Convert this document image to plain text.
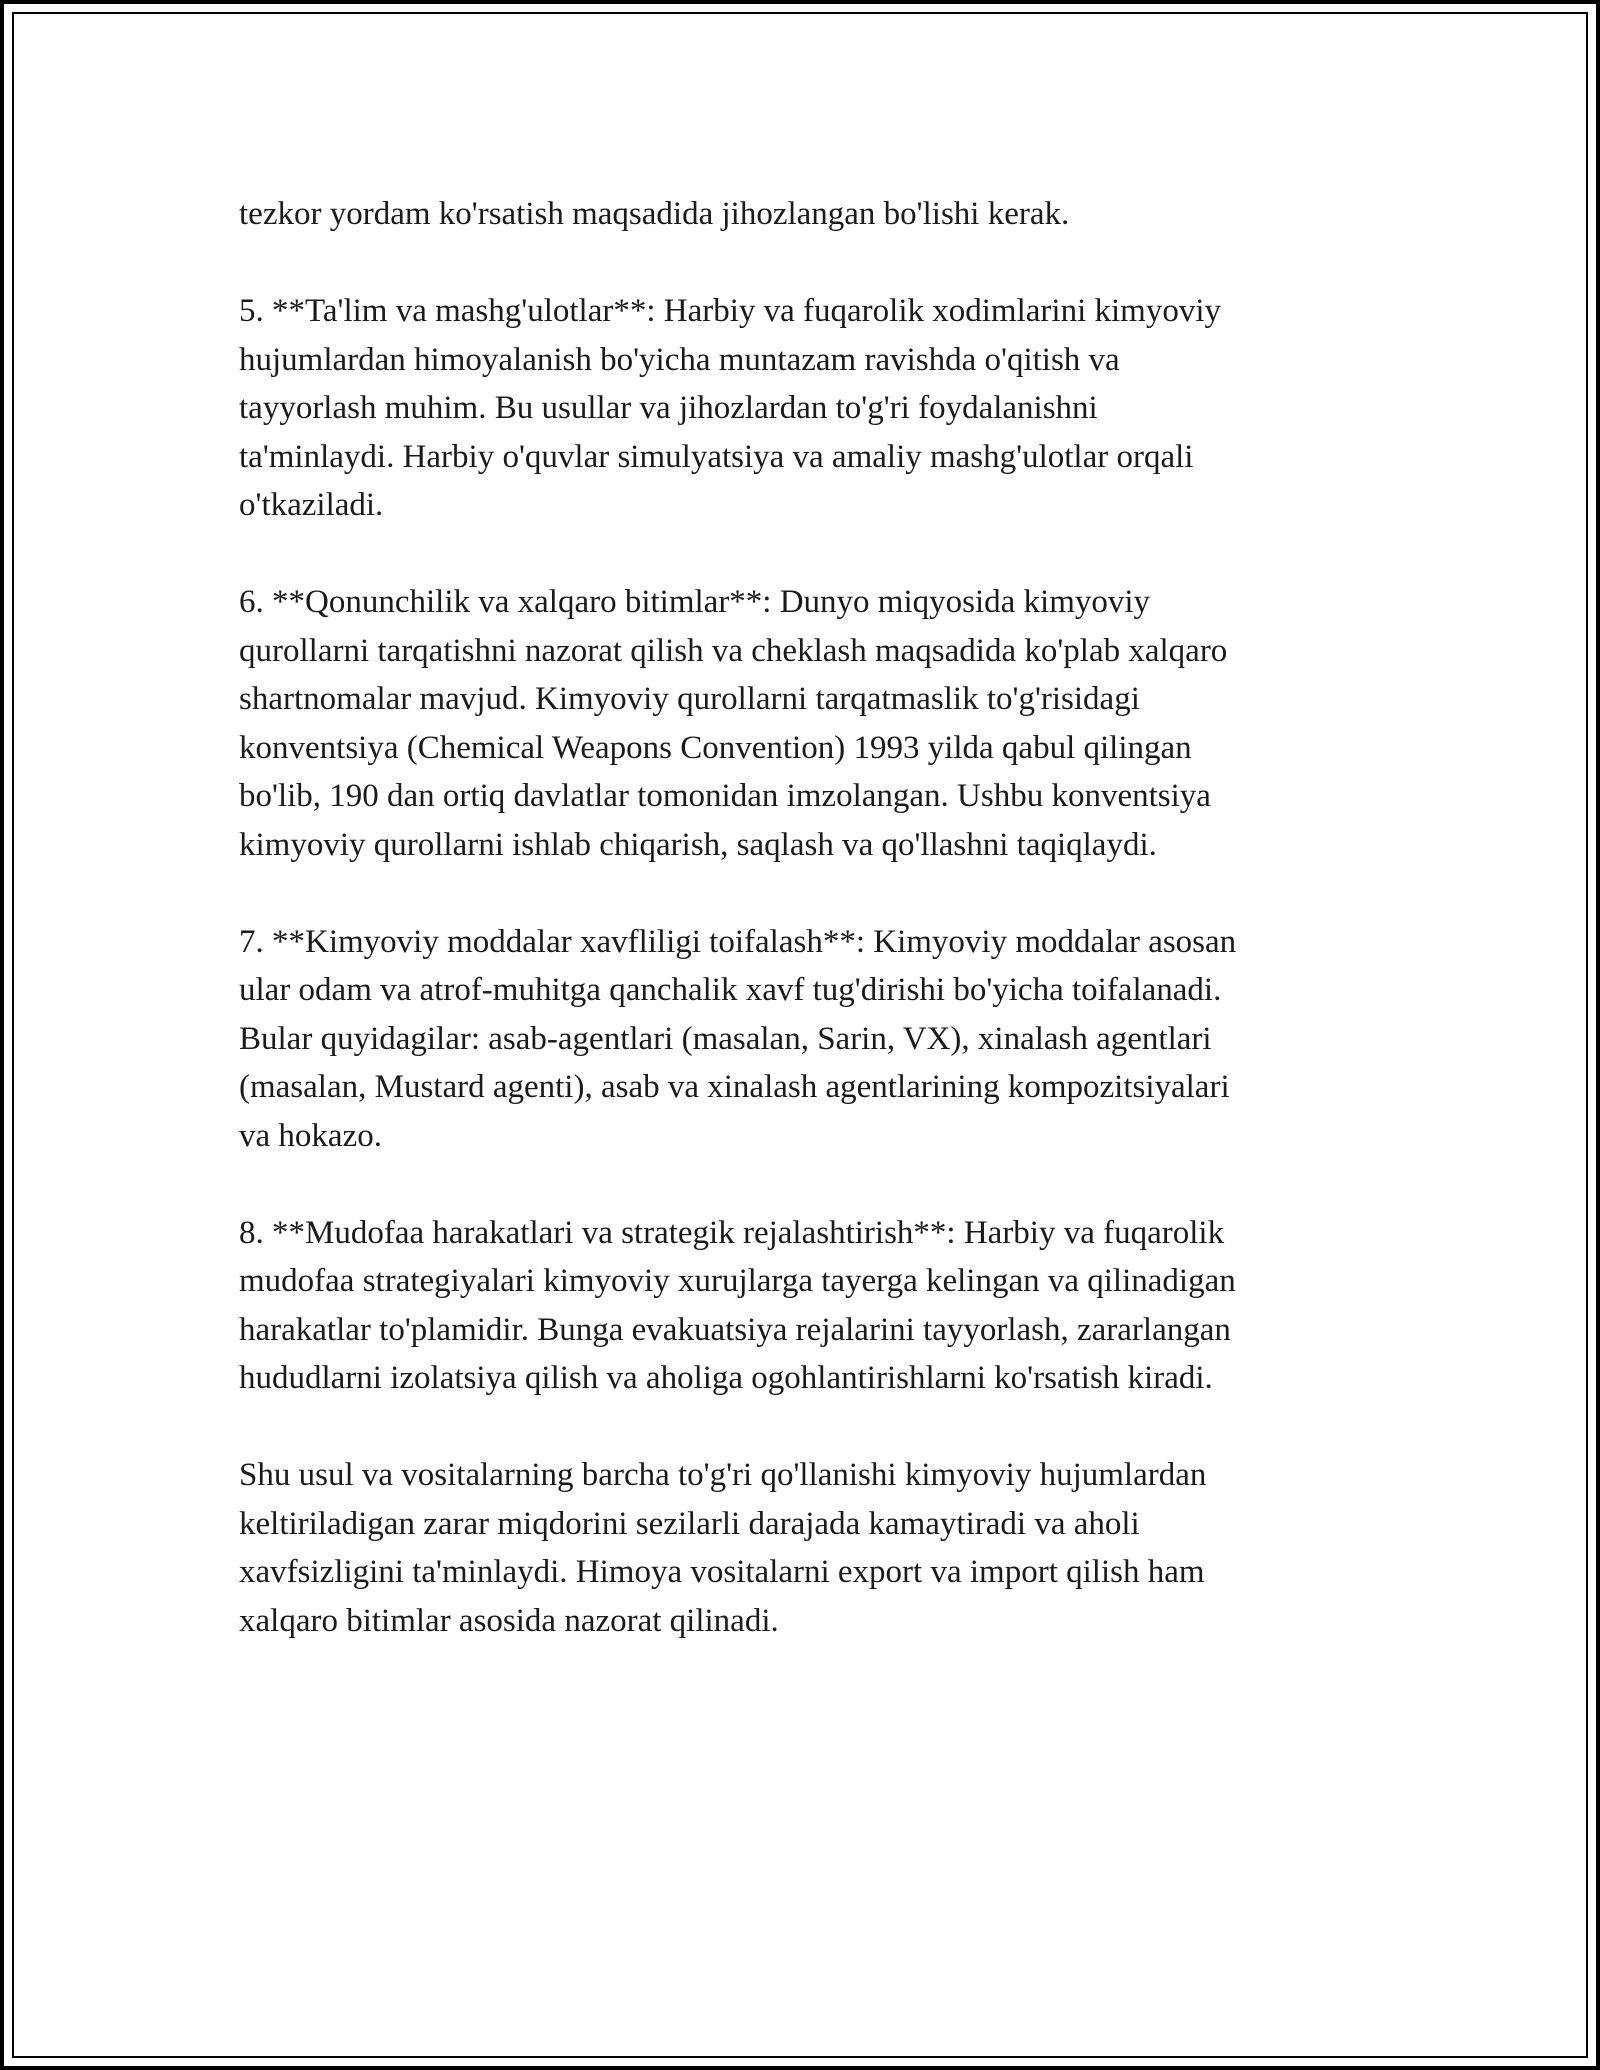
tezkor yordam ko'rsatish maqsadida jihozlangan bo'lishi kerak.

5. **Ta'lim va mashg'ulotlar**: Harbiy va fuqarolik xodimlarini kimyoviy
hujumlardan himoyalanish bo'yicha muntazam ravishda o'qitish va
tayyorlash muhim. Bu usullar va jihozlardan to'g'ri foydalanishni
ta'minlaydi. Harbiy o'quvlar simulyatsiya va amaliy mashg'ulotlar orqali
o'tkaziladi.

6. **Qonunchilik va xalqaro bitimlar**: Dunyo miqyosida kimyoviy
qurollarni tarqatishni nazorat qilish va cheklash maqsadida ko'plab xalqaro
shartnomalar mavjud. Kimyoviy qurollarni tarqatmaslik to'g'risidagi
konventsiya (Chemical Weapons Convention) 1993 yilda qabul qilingan
bo'lib, 190 dan ortiq davlatlar tomonidan imzolangan. Ushbu konventsiya
kimyoviy qurollarni ishlab chiqarish, saqlash va qo'llashni taqiqlaydi.

7. **Kimyoviy moddalar xavfliligi toifalash**: Kimyoviy moddalar asosan
ular odam va atrof-muhitga qanchalik xavf tug'dirishi bo'yicha toifalanadi.
Bular quyidagilar: asab-agentlari (masalan, Sarin, VX), xinalash agentlari
(masalan, Mustard agenti), asab va xinalash agentlarining kompozitsiyalari
va hokazo.

8. **Mudofaa harakatlari va strategik rejalashtirish**: Harbiy va fuqarolik
mudofaa strategiyalari kimyoviy xurujlarga tayerga kelingan va qilinadigan
harakatlar to'plamidir. Bunga evakuatsiya rejalarini tayyorlash, zararlangan
hududlarni izolatsiya qilish va aholiga ogohlantirishlarni ko'rsatish kiradi.

Shu usul va vositalarning barcha to'g'ri qo'llanishi kimyoviy hujumlardan
keltiriladigan zarar miqdorini sezilarli darajada kamaytiradi va aholi
xavfsizligini ta'minlaydi. Himoya vositalarni export va import qilish ham
xalqaro bitimlar asosida nazorat qilinadi.
